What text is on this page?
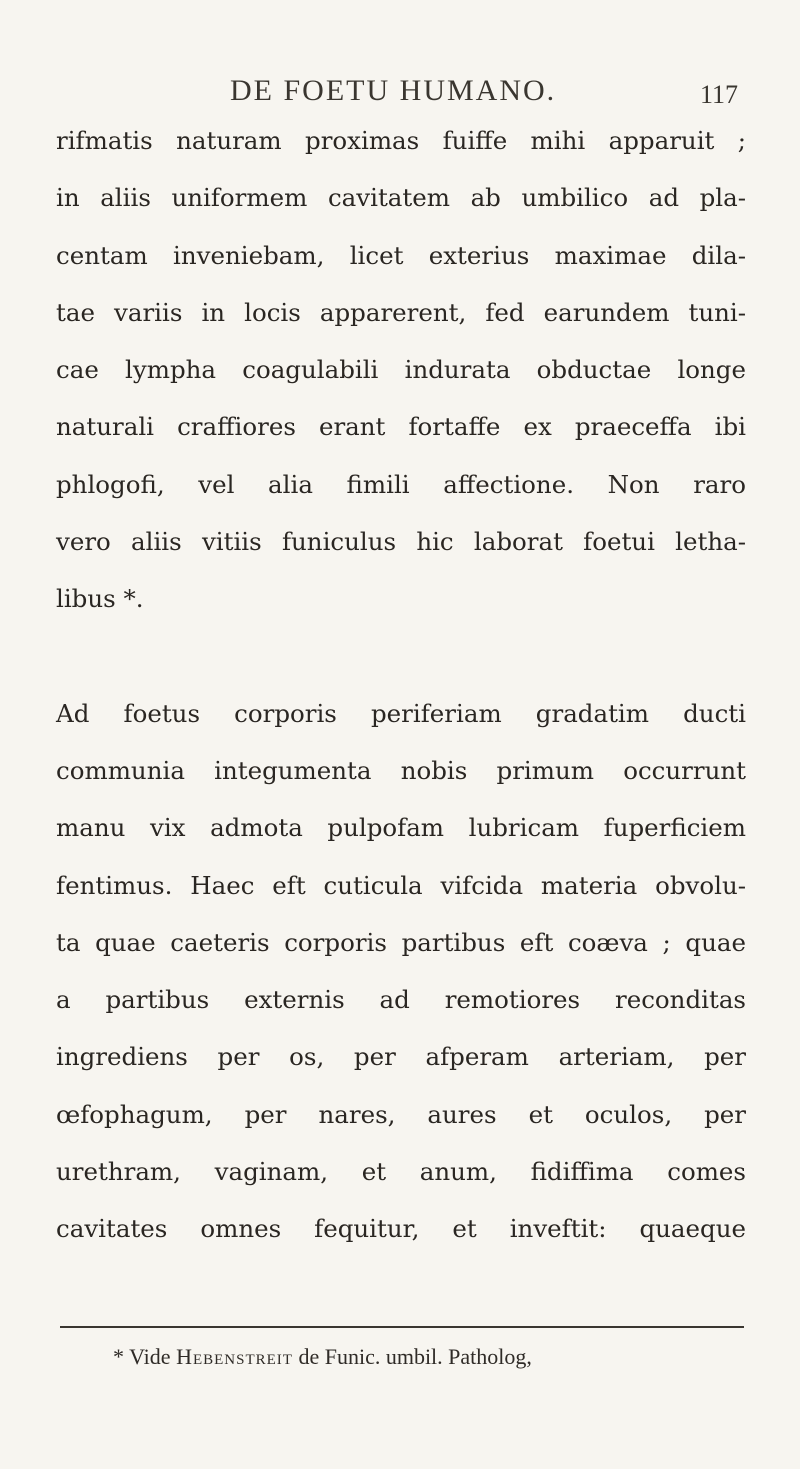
DE FOETU HUMANO.	117
rifmatis naturam proximas fuiffe mihi apparuit ;
in aliis uniformem cavitatem ab umbilico ad pla-
centam inveniebam, licet exterius maximae dila-
tae variis in locis apparerent, fed earundem tuni-
cae lympha coagulabili indurata obductae longe
naturali craffiores erant fortaffe ex praeceffa ibi
phlogofi, vel alia fimili affectione. Non raro
vero aliis vitiis funiculus hic laborat foetui letha-
libus *.
Ad foetus corporis periferiam gradatim ducti
communia integumenta nobis primum occurrunt
manu vix admota pulpofam lubricam fuperficiem
fentimus. Haec eft cuticula vifcida materia obvolu-
ta quae caeteris corporis partibus eft coæva ; quae
a partibus externis ad remotiores reconditas
ingrediens per os, per afperam arteriam, per
œfophagum, per nares, aures et oculos, per
urethram, vaginam, et anum, fidiffima comes
cavitates omnes fequitur, et inveftit: quaeque
* Vide Hebenstreit de Funic. umbil. Patholog,
